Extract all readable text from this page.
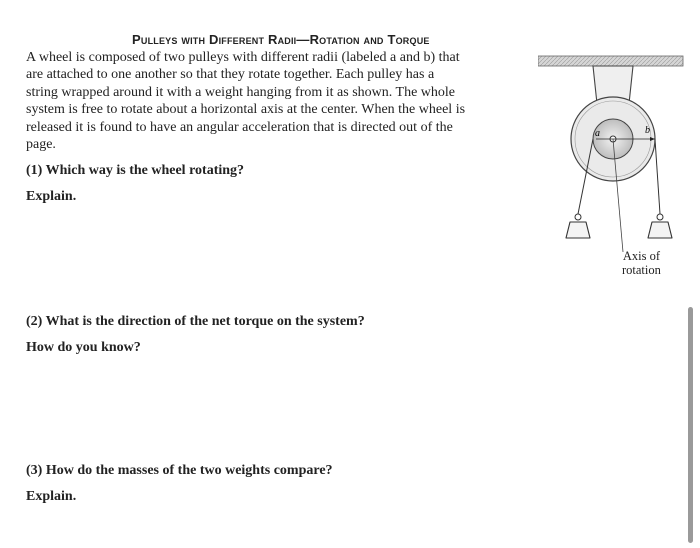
Pulleys with Different Radii—Rotation and Torque
A wheel is composed of two pulleys with different radii (labeled a and b) that
are attached to one another so that they rotate together. Each pulley has a
string wrapped around it with a weight hanging from it as shown. The whole
system is free to rotate about a horizontal axis at the center. When the wheel is
released it is found to have an angular acceleration that is directed out of the
page.
(1) Which way is the wheel rotating?
Explain.
(2) What is the direction of the net torque on the system?
How do you know?
(3) How do the masses of the two weights compare?
Explain.
a	b
Axis of
rotation
